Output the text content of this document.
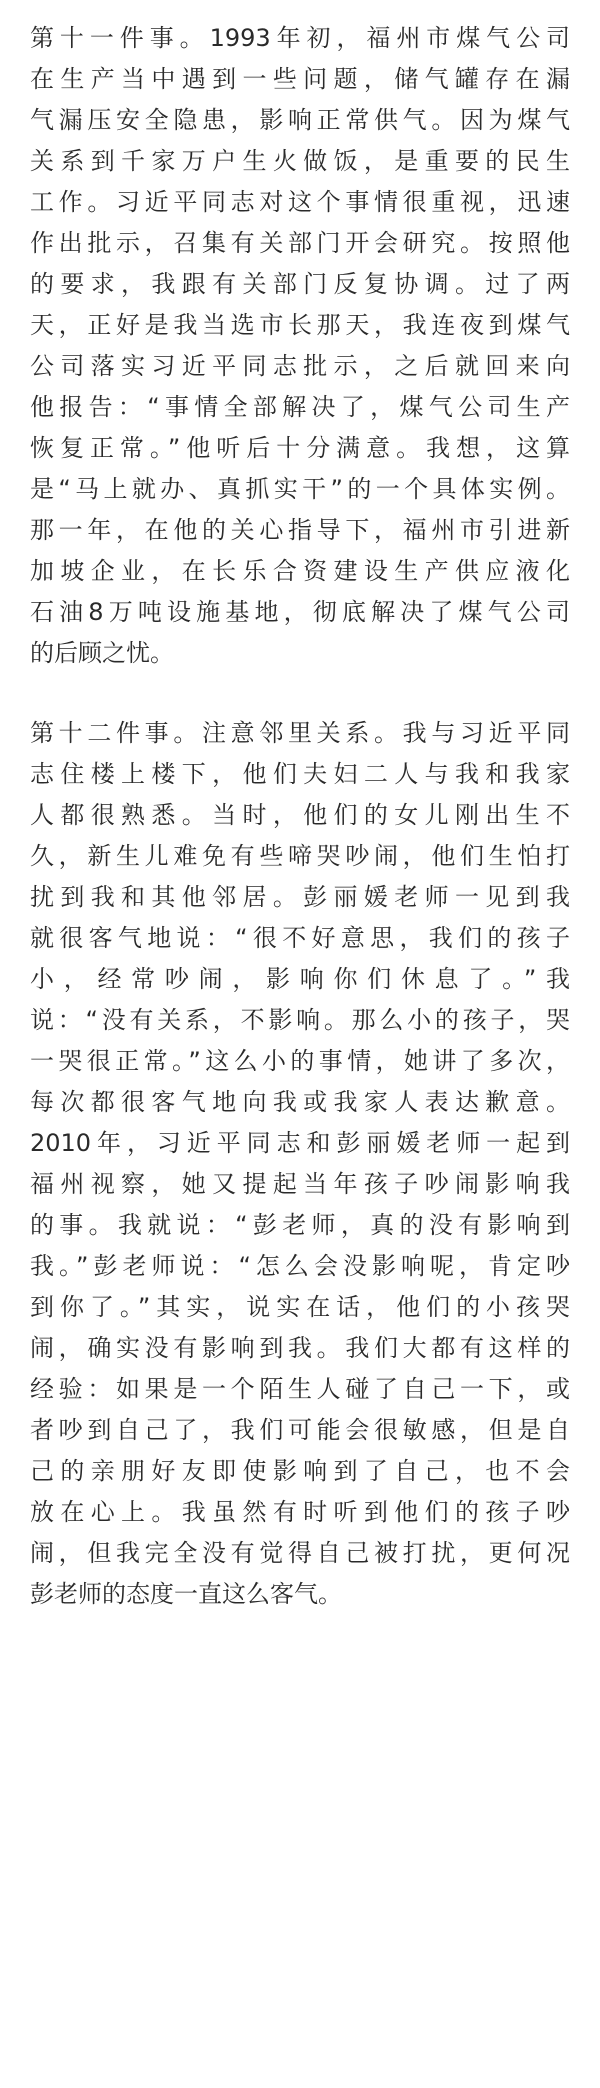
第十一件事。1993年初，福州市煤气公司
在生产当中遇到一些问题，储气罐存在漏
气漏压安全隐患，影响正常供气。因为煤气
关系到千家万户生火做饭，是重要的民生
工作。习近平同志对这个事情很重视，迅速
作出批示，召集有关部门开会研究。按照他
的要求，我跟有关部门反复协调。过了两
天，正好是我当选市长那天，我连夜到煤气
公司落实习近平同志批示，之后就回来向
他报告：“事情全部解决了，煤气公司生产
恢复正常。”他听后十分满意。我想，这算
是“马上就办、真抓实干”的一个具体实例。
那一年，在他的关心指导下，福州市引进新
加坡企业，在长乐合资建设生产供应液化
石油8万吨设施基地，彻底解决了煤气公司
的后顾之忧。
第十二件事。注意邻里关系。我与习近平同
志住楼上楼下，他们夫妇二人与我和我家
人都很熟悉。当时，他们的女儿刚出生不
久，新生儿难免有些啼哭吵闹，他们生怕打
扰到我和其他邻居。彭丽媛老师一见到我
就很客气地说：“很不好意思，我们的孩子
小，经常吵闹，影响你们休息了。”我
说：“没有关系，不影响。那么小的孩子，哭
一哭很正常。”这么小的事情，她讲了多次，
每次都很客气地向我或我家人表达歉意。
2010年，习近平同志和彭丽媛老师一起到
福州视察，她又提起当年孩子吵闹影响我
的事。我就说：“彭老师，真的没有影响到
我。”彭老师说：“怎么会没影响呢，肯定吵
到你了。”其实，说实在话，他们的小孩哭
闹，确实没有影响到我。我们大都有这样的
经验：如果是一个陌生人碰了自己一下，或
者吵到自己了，我们可能会很敏感，但是自
己的亲朋好友即使影响到了自己，也不会
放在心上。我虽然有时听到他们的孩子吵
闹，但我完全没有觉得自己被打扰，更何况
彭老师的态度一直这么客气。
